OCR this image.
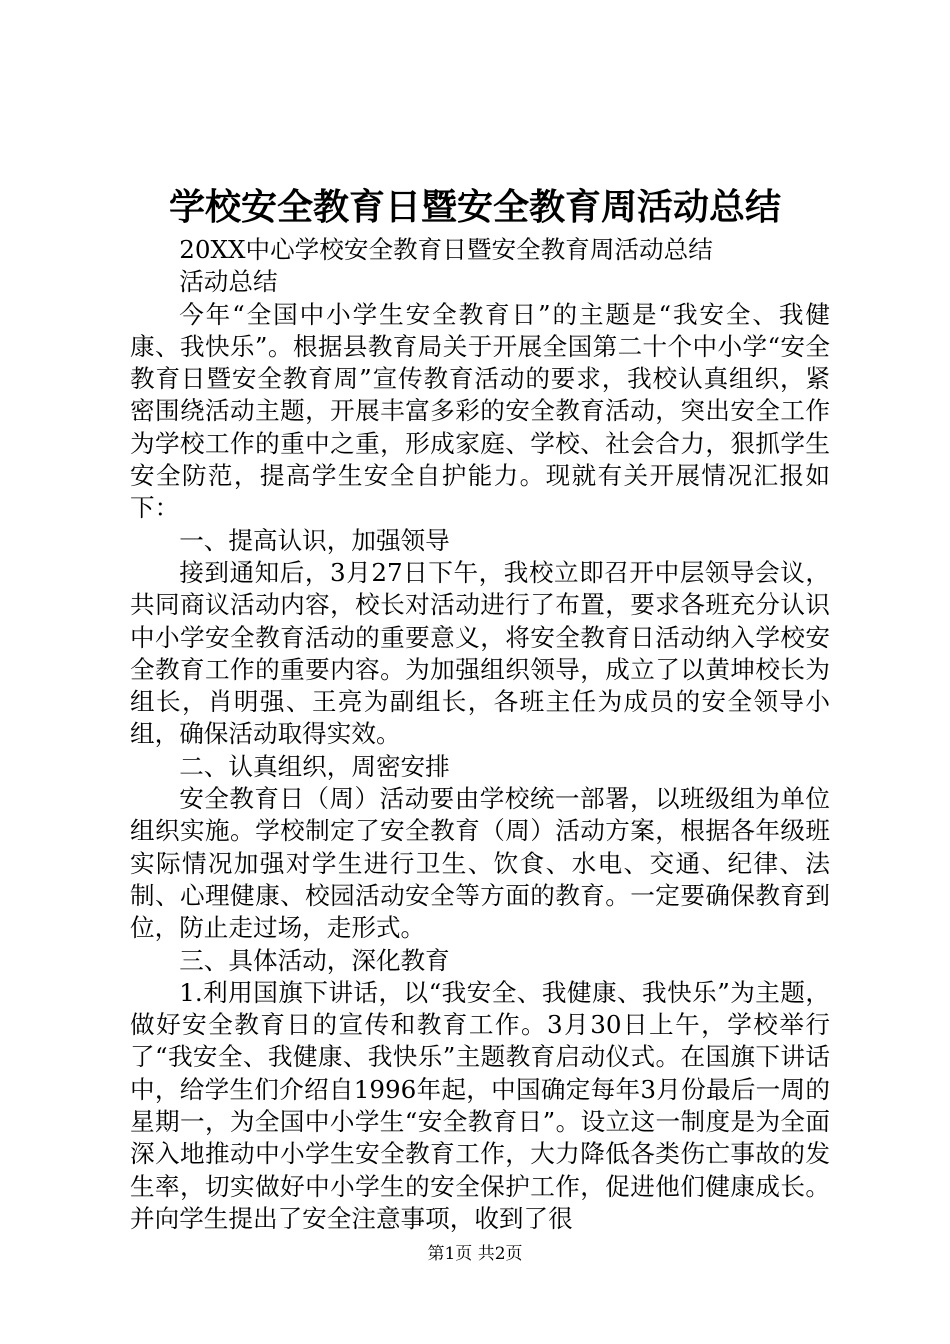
学校安全教育日暨安全教育周活动总结

20XX中心学校安全教育日暨安全教育周活动总结

活动总结

今年“全国中小学生安全教育日”的主题是“我安全、我健康、我快乐”。根据县教育局关于开展全国第二十个中小学“安全教育日暨安全教育周”宣传教育活动的要求，我校认真组织，紧密围绕活动主题，开展丰富多彩的安全教育活动，突出安全工作为学校工作的重中之重，形成家庭、学校、社会合力，狠抓学生安全防范，提高学生安全自护能力。现就有关开展情况汇报如下：

一、提高认识，加强领导

接到通知后，3月27日下午，我校立即召开中层领导会议，共同商议活动内容，校长对活动进行了布置，要求各班充分认识中小学安全教育活动的重要意义，将安全教育日活动纳入学校安全教育工作的重要内容。为加强组织领导，成立了以黄坤校长为组长，肖明强、王亮为副组长，各班主任为成员的安全领导小组，确保活动取得实效。

二、认真组织，周密安排

安全教育日（周）活动要由学校统一部署，以班级组为单位组织实施。学校制定了安全教育（周）活动方案，根据各年级班实际情况加强对学生进行卫生、饮食、水电、交通、纪律、法制、心理健康、校园活动安全等方面的教育。一定要确保教育到位，防止走过场，走形式。

三、具体活动，深化教育

1.利用国旗下讲话，以“我安全、我健康、我快乐”为主题，做好安全教育日的宣传和教育工作。3月30日上午，学校举行了“我安全、我健康、我快乐”主题教育启动仪式。在国旗下讲话中，给学生们介绍自1996年起，中国确定每年3月份最后一周的星期一，为全国中小学生“安全教育日”。设立这一制度是为全面深入地推动中小学生安全教育工作，大力降低各类伤亡事故的发生率，切实做好中小学生的安全保护工作，促进他们健康成长。并向学生提出了安全注意事项，收到了很

第1页 共2页
